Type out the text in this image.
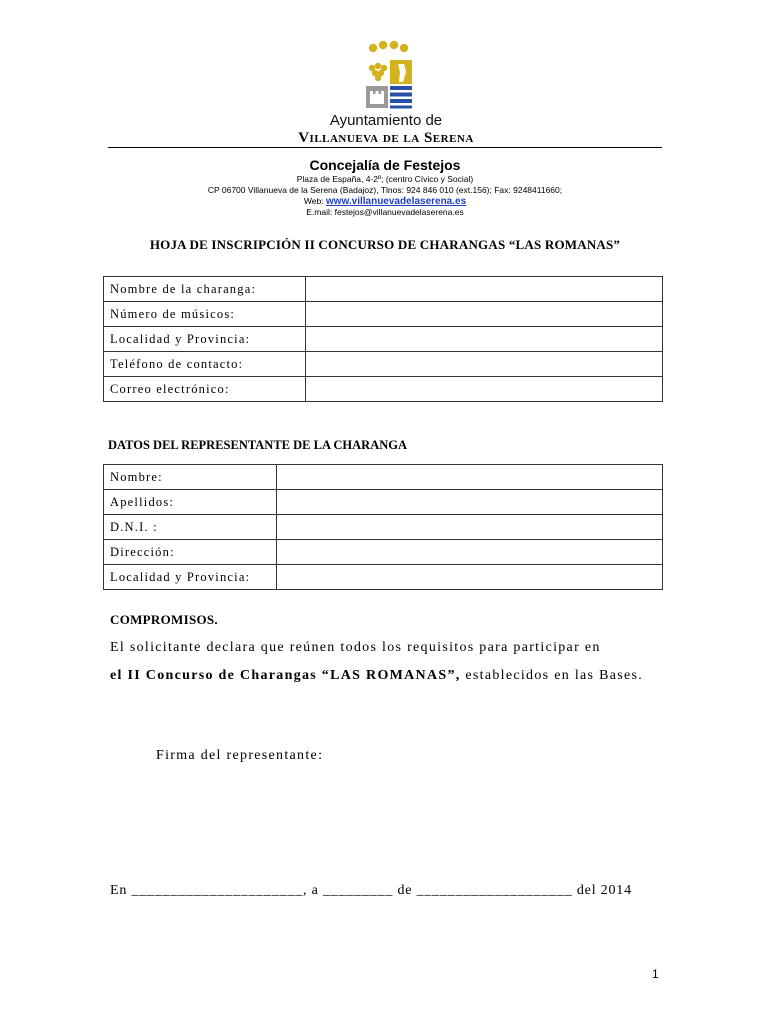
Ayuntamiento de
Villanueva de la Serena
Concejalía de Festejos
Plaza de España, 4-2º; (centro Cívico y Social)
CP 06700 Villanueva de la Serena (Badajoz), Tlnos: 924 846 010 (ext.156); Fax: 9248411660;
Web: www.villanuevadelaserena.es
E.mail: festejos@villanuevadelaserena.es
HOJA DE INSCRIPCIÓN II CONCURSO DE CHARANGAS “LAS ROMANAS”
Nombre de la charanga:	
Número de músicos:	
Localidad y Provincia:	
Teléfono de contacto:	
Correo electrónico:	
DATOS DEL REPRESENTANTE DE LA CHARANGA
Nombre:	
Apellidos:	
D.N.I. :	
Dirección:	
Localidad y Provincia:	
COMPROMISOS.
El solicitante declara que reúnen todos los requisitos para participar en
el II Concurso de Charangas “LAS ROMANAS”, establecidos en las Bases.
Firma del representante:
En ______________________, a _________ de ____________________ del 2014
1
